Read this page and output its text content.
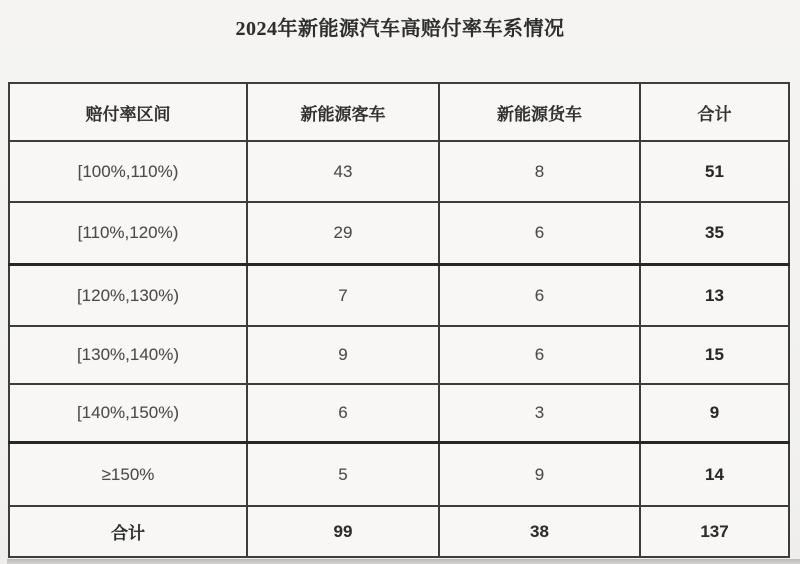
2024年新能源汽车高赔付率车系情况
赔付率区间	新能源客车	新能源货车	合计
[100%,110%)	43	8	51
[110%,120%)	29	6	35
[120%,130%)	7	6	13
[130%,140%)	9	6	15
[140%,150%)	6	3	9
≥150%	5	9	14
合计	99	38	137
